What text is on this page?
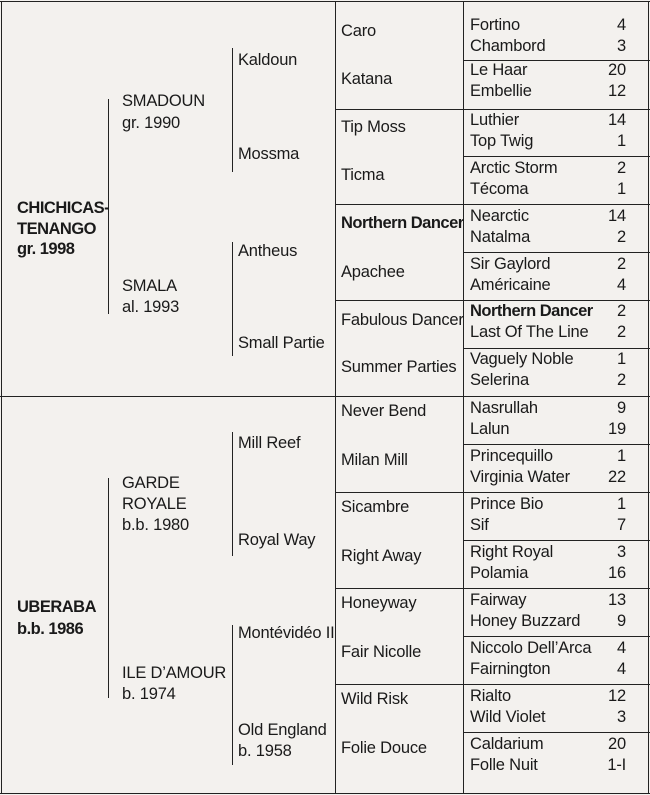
CHICHICAS-
TENANGO
gr. 1998
UBERABA
b.b. 1986
SMADOUN
gr. 1990
SMALA
al. 1993
GARDE
ROYALE
b.b. 1980
ILE D’AMOUR
b. 1974
Kaldoun
Mossma
Antheus
Small Partie
Mill Reef
Royal Way
Montévidéo II
Old England
b. 1958
Caro
Katana
Tip Moss
Ticma
Northern Dancer
Apachee
Fabulous Dancer
Summer Parties
Never Bend
Milan Mill
Sicambre
Right Away
Honeyway
Fair Nicolle
Wild Risk
Folie Douce
Fortino
Chambord
Le Haar
Embellie
Luthier
Top Twig
Arctic Storm
Técoma
Nearctic
Natalma
Sir Gaylord
Américaine
Northern Dancer
Last Of The Line
Vaguely Noble
Selerina
Nasrullah
Lalun
Princequillo
Virginia Water
Prince Bio
Sif
Right Royal
Polamia
Fairway
Honey Buzzard
Niccolo Dell’Arca
Fairnington
Rialto
Wild Violet
Caldarium
Folle Nuit
4
3
20
12
14
1
2
1
14
2
2
4
2
2
1
2
9
19
1
22
1
7
3
16
13
9
4
4
12
3
20
1-I
